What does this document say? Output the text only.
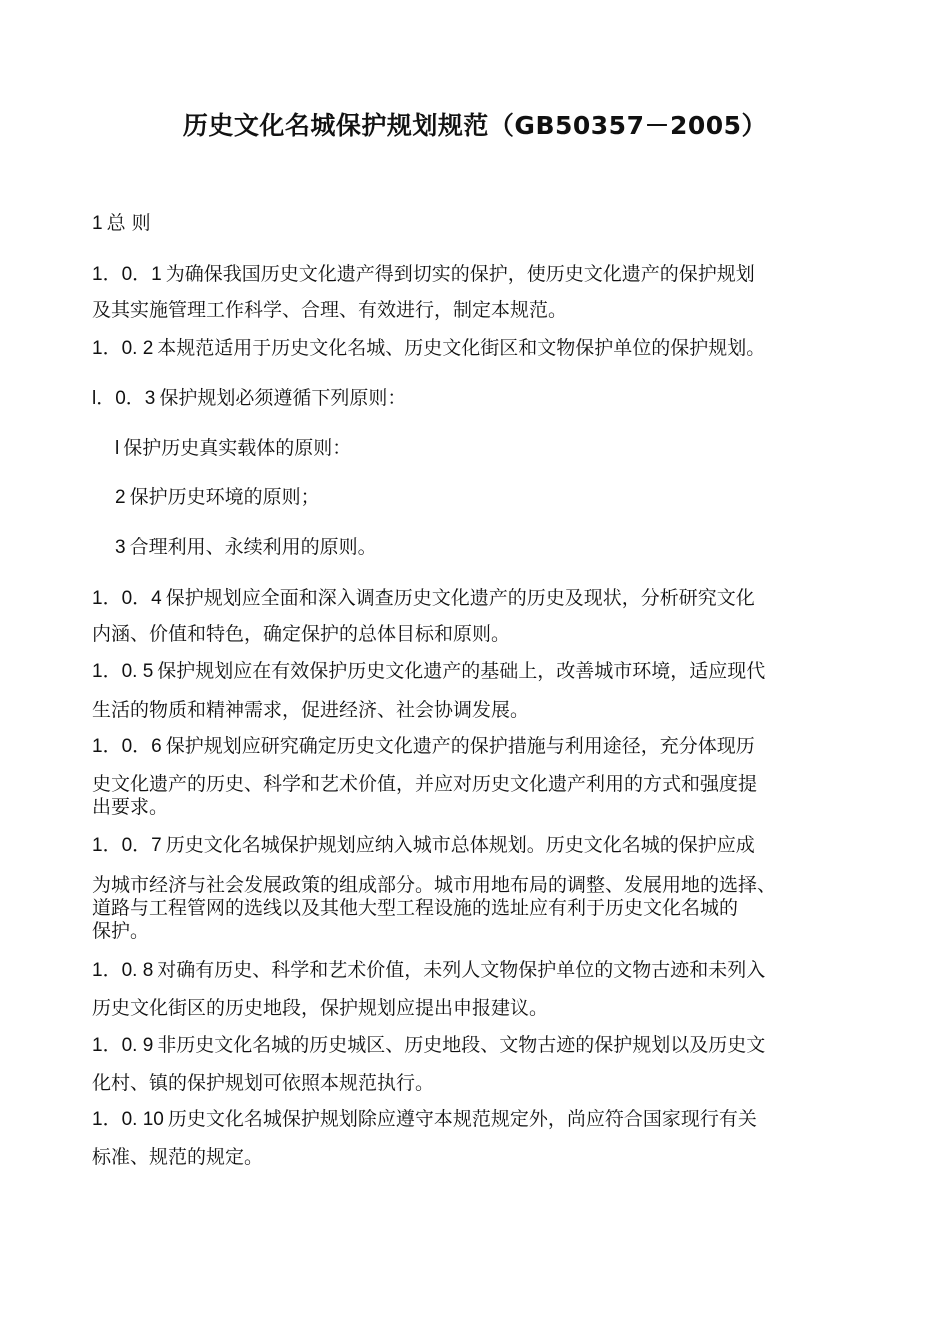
历史文化名城保护规划规范（GB50357－2005）
1 总 则
1．0．1 为确保我国历史文化遗产得到切实的保护，使历史文化遗产的保护规划
及其实施管理工作科学、合理、有效进行，制定本规范。
1．0. 2 本规范适用于历史文化名城、历史文化街区和文物保护单位的保护规划。
l．0．3 保护规划必须遵循下列原则：
l 保护历史真实载体的原则：
2 保护历史环境的原则；
3 合理利用、永续利用的原则。
1．0．4 保护规划应全面和深入调查历史文化遗产的历史及现状，分析研究文化
内涵、价值和特色，确定保护的总体目标和原则。
1．0. 5 保护规划应在有效保护历史文化遗产的基础上，改善城市环境，适应现代
生活的物质和精神需求，促进经济、社会协调发展。
1．0．6 保护规划应研究确定历史文化遗产的保护措施与利用途径，充分体现历
史文化遗产的历史、科学和艺术价值，并应对历史文化遗产利用的方式和强度提
出要求。
1．0．7 历史文化名城保护规划应纳入城市总体规划。历史文化名城的保护应成
为城市经济与社会发展政策的组成部分。城市用地布局的调整、发展用地的选择、
道路与工程管网的选线以及其他大型工程设施的选址应有利于历史文化名城的
保护。
1．0. 8 对确有历史、科学和艺术价值，未列人文物保护单位的文物古迹和未列入
历史文化街区的历史地段，保护规划应提出申报建议。
1．0. 9 非历史文化名城的历史城区、历史地段、文物古迹的保护规划以及历史文
化村、镇的保护规划可依照本规范执行。
1．0. 10 历史文化名城保护规划除应遵守本规范规定外，尚应符合国家现行有关
标准、规范的规定。
